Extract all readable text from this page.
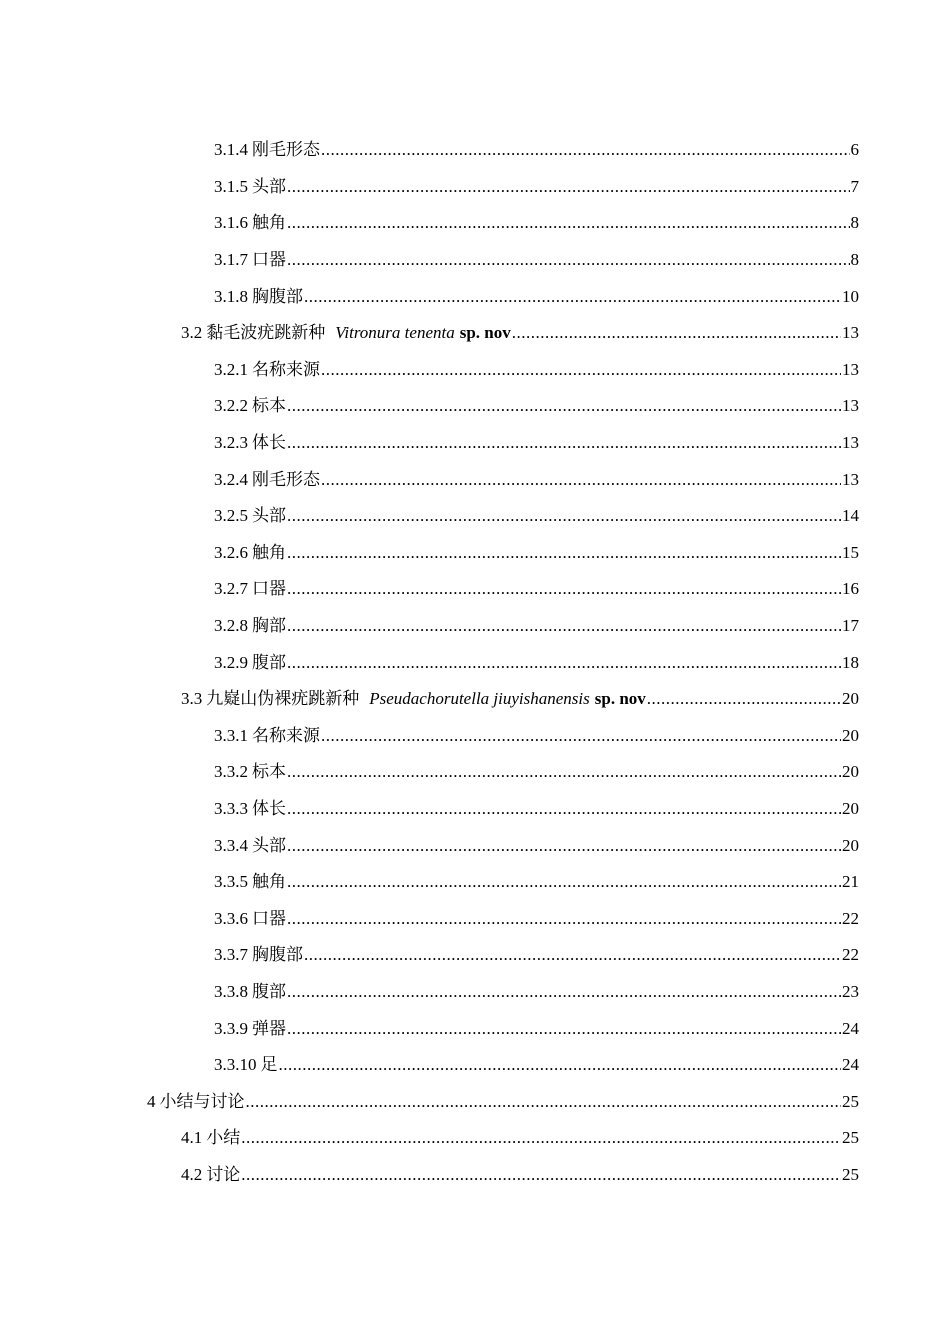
3.1.4 刚毛形态 .....	6
3.1.5 头部 .....	7
3.1.6 触角 .....	8
3.1.7 口器 .....	8
3.1.8 胸腹部 .....	10
3.2 黏毛波疣跳新种 Vitronura tenenta sp. nov .....	13
3.2.1 名称来源 .....	13
3.2.2 标本 .....	13
3.2.3 体长 .....	13
3.2.4 刚毛形态 .....	13
3.2.5 头部 .....	14
3.2.6 触角 .....	15
3.2.7 口器 .....	16
3.2.8 胸部 .....	17
3.2.9 腹部 .....	18
3.3 九嶷山伪裸疣跳新种 Pseudachorutella jiuyishanensis sp. nov .....	20
3.3.1 名称来源 .....	20
3.3.2 标本 .....	20
3.3.3 体长 .....	20
3.3.4 头部 .....	20
3.3.5 触角 .....	21
3.3.6 口器 .....	22
3.3.7 胸腹部 .....	22
3.3.8 腹部 .....	23
3.3.9 弹器 .....	24
3.3.10 足 .....	24
4 小结与讨论 .....	25
4.1 小结 .....	25
4.2 讨论 .....	25
